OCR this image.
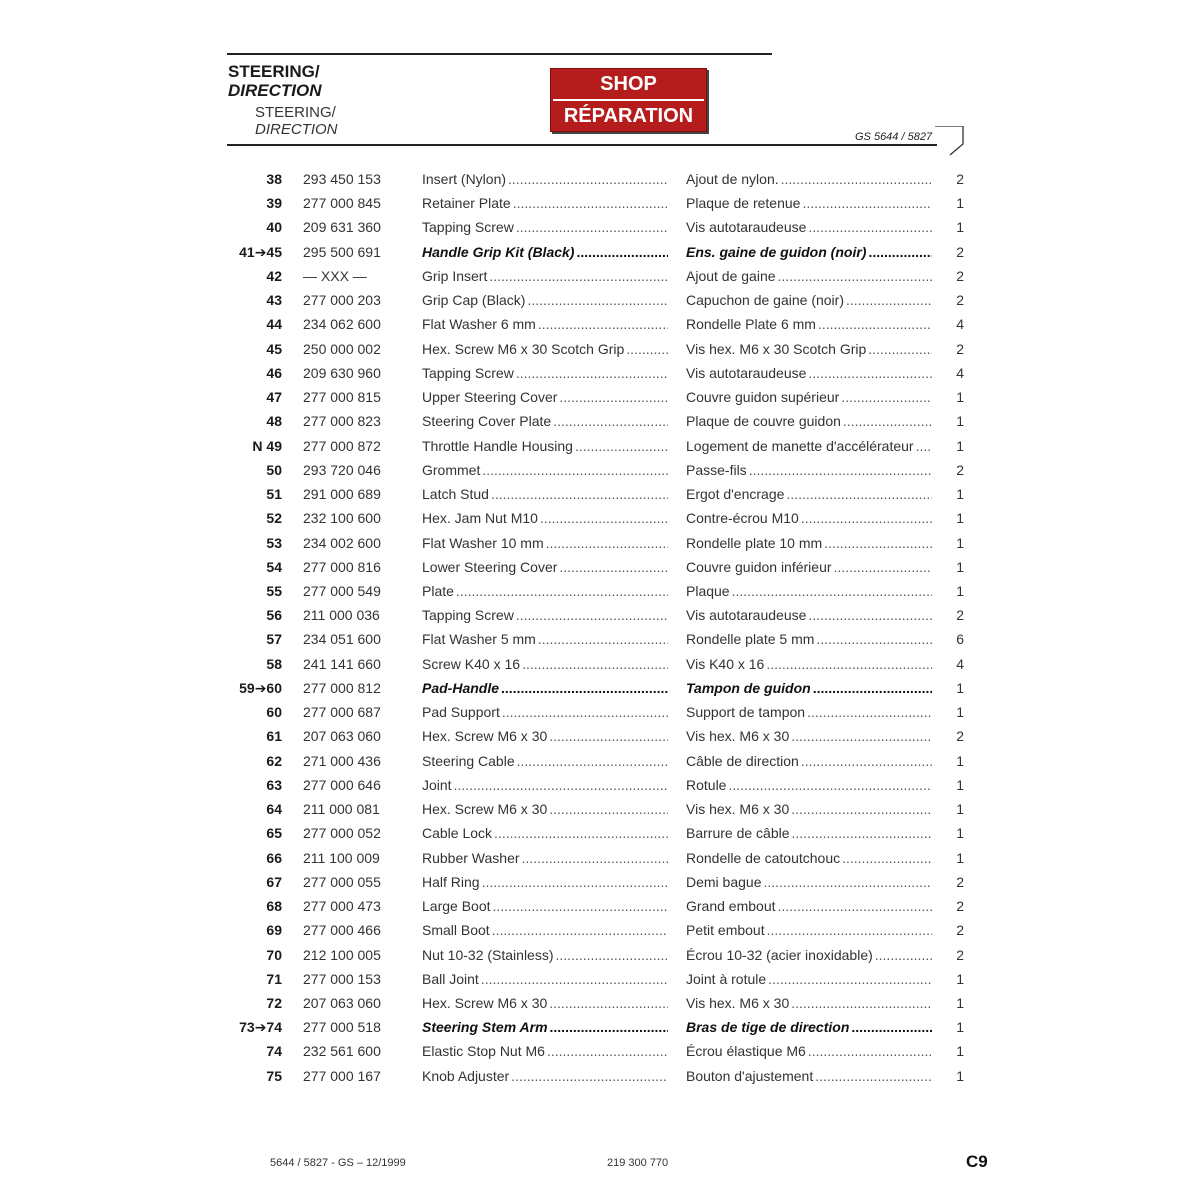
STEERING/
DIRECTION
STEERING/
DIRECTION
SHOP
RÉPARATION
GS 5644 / 5827
38 293 450 153	Insert (Nylon) .....	Ajout de nylon. .....	2
39 277 000 845	Retainer Plate .....	Plaque de retenue .....	1
40 209 631 360	Tapping Screw .....	Vis autotaraudeuse .....	1
41➔45 295 500 691	Handle Grip Kit (Black) .....	Ens. gaine de guidon (noir) .....	2
42 — XXX —	Grip Insert .....	Ajout de gaine .....	2
43 277 000 203	Grip Cap (Black) .....	Capuchon de gaine (noir) .....	2
44 234 062 600	Flat Washer 6 mm .....	Rondelle Plate 6 mm .....	4
45 250 000 002	Hex. Screw M6 x 30 Scotch Grip .....	Vis hex. M6 x 30 Scotch Grip .....	2
46 209 630 960	Tapping Screw .....	Vis autotaraudeuse .....	4
47 277 000 815	Upper Steering Cover .....	Couvre guidon supérieur .....	1
48 277 000 823	Steering Cover Plate .....	Plaque de couvre guidon .....	1
N 49 277 000 872	Throttle Handle Housing .....	Logement de manette d'accélérateur .....	1
50 293 720 046	Grommet .....	Passe-fils .....	2
51 291 000 689	Latch Stud .....	Ergot d'encrage .....	1
52 232 100 600	Hex. Jam Nut M10 .....	Contre-écrou M10 .....	1
53 234 002 600	Flat Washer 10 mm .....	Rondelle plate 10 mm .....	1
54 277 000 816	Lower Steering Cover .....	Couvre guidon inférieur .....	1
55 277 000 549	Plate .....	Plaque .....	1
56 211 000 036	Tapping Screw .....	Vis autotaraudeuse .....	2
57 234 051 600	Flat Washer 5 mm .....	Rondelle plate 5 mm .....	6
58 241 141 660	Screw K40 x 16 .....	Vis K40 x 16 .....	4
59➔60 277 000 812	Pad-Handle .....	Tampon de guidon .....	1
60 277 000 687	Pad Support .....	Support de tampon .....	1
61 207 063 060	Hex. Screw M6 x 30 .....	Vis hex. M6 x 30 .....	2
62 271 000 436	Steering Cable .....	Câble de direction .....	1
63 277 000 646	Joint .....	Rotule .....	1
64 211 000 081	Hex. Screw M6 x 30 .....	Vis hex. M6 x 30 .....	1
65 277 000 052	Cable Lock .....	Barrure de câble .....	1
66 211 100 009	Rubber Washer .....	Rondelle de catoutchouc .....	1
67 277 000 055	Half Ring .....	Demi bague .....	2
68 277 000 473	Large Boot .....	Grand embout .....	2
69 277 000 466	Small Boot .....	Petit embout .....	2
70 212 100 005	Nut 10-32 (Stainless) .....	Écrou 10-32 (acier inoxidable) .....	2
71 277 000 153	Ball Joint .....	Joint à rotule .....	1
72 207 063 060	Hex. Screw M6 x 30 .....	Vis hex. M6 x 30 .....	1
73➔74 277 000 518	Steering Stem Arm .....	Bras de tige de direction .....	1
74 232 561 600	Elastic Stop Nut M6 .....	Écrou élastique M6 .....	1
75 277 000 167	Knob Adjuster .....	Bouton d'ajustement .....	1
5644 / 5827 - GS – 12/1999	219 300 770	C9
